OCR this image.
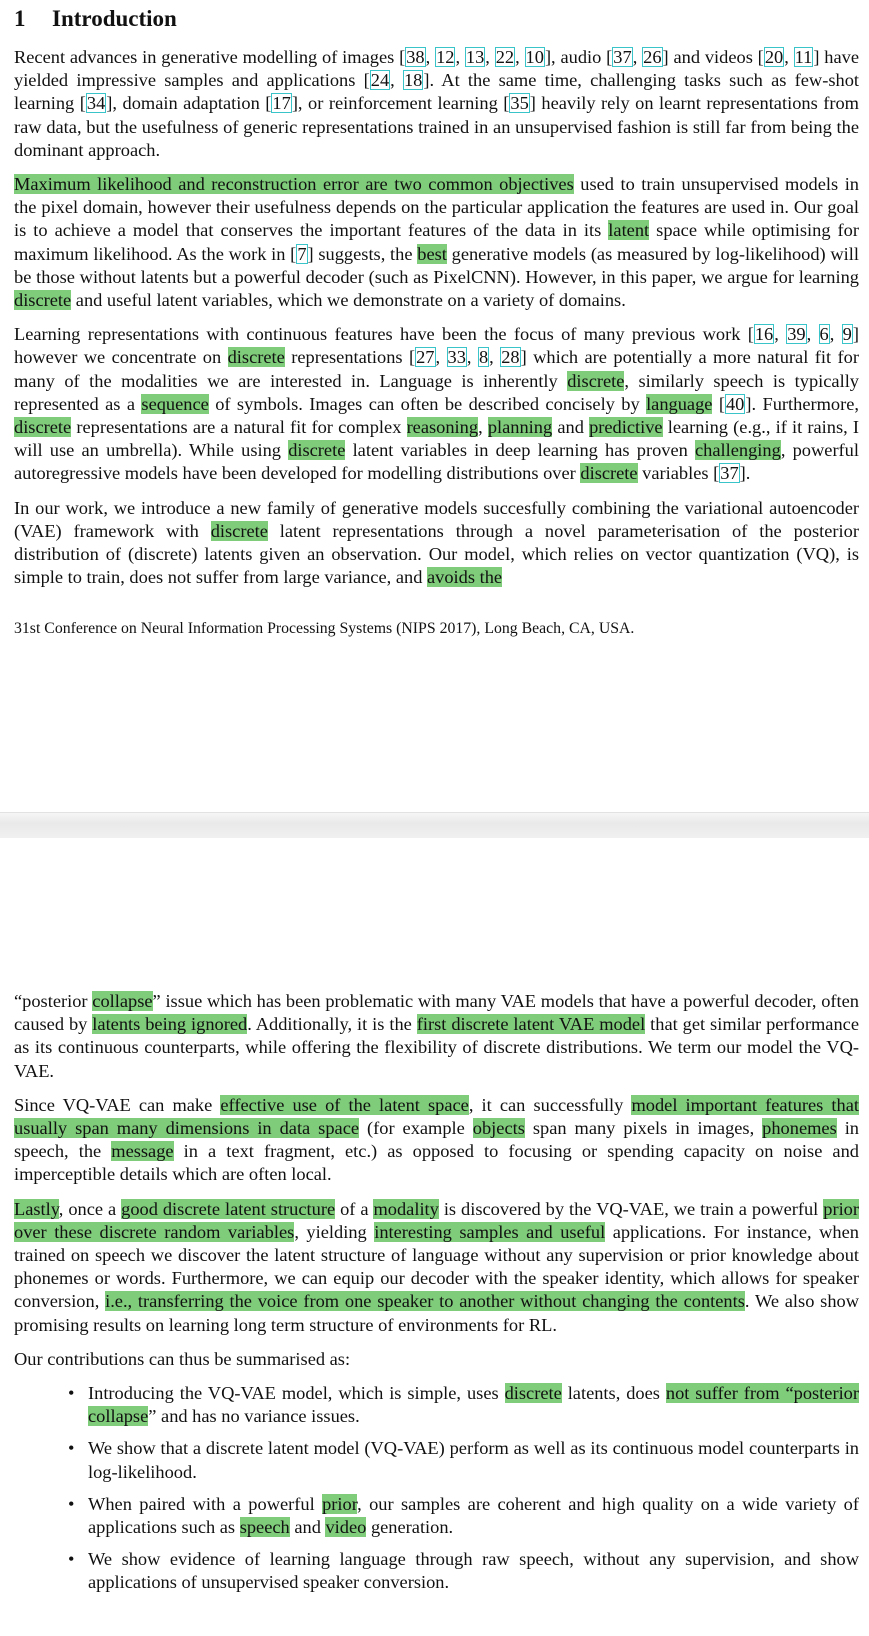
1 Introduction

Recent advances in generative modelling of images [38, 12, 13, 22, 10], audio [37, 26] and videos [20, 11] have yielded impressive samples and applications [24, 18]. At the same time, challenging tasks such as few-shot learning [34], domain adaptation [17], or reinforcement learning [35] heavily rely on learnt representations from raw data, but the usefulness of generic representations trained in an unsupervised fashion is still far from being the dominant approach.

Maximum likelihood and reconstruction error are two common objectives used to train unsupervised models in the pixel domain, however their usefulness depends on the particular application the features are used in. Our goal is to achieve a model that conserves the important features of the data in its latent space while optimising for maximum likelihood. As the work in [7] suggests, the best generative models (as measured by log-likelihood) will be those without latents but a powerful decoder (such as PixelCNN). However, in this paper, we argue for learning discrete and useful latent variables, which we demonstrate on a variety of domains.

Learning representations with continuous features have been the focus of many previous work [16, 39, 6, 9] however we concentrate on discrete representations [27, 33, 8, 28] which are potentially a more natural fit for many of the modalities we are interested in. Language is inherently discrete, similarly speech is typically represented as a sequence of symbols. Images can often be described concisely by language [40]. Furthermore, discrete representations are a natural fit for complex reasoning, planning and predictive learning (e.g., if it rains, I will use an umbrella). While using discrete latent variables in deep learning has proven challenging, powerful autoregressive models have been developed for modelling distributions over discrete variables [37].

In our work, we introduce a new family of generative models succesfully combining the variational autoencoder (VAE) framework with discrete latent representations through a novel parameterisation of the posterior distribution of (discrete) latents given an observation. Our model, which relies on vector quantization (VQ), is simple to train, does not suffer from large variance, and avoids the

31st Conference on Neural Information Processing Systems (NIPS 2017), Long Beach, CA, USA.

“posterior collapse” issue which has been problematic with many VAE models that have a powerful decoder, often caused by latents being ignored. Additionally, it is the first discrete latent VAE model that get similar performance as its continuous counterparts, while offering the flexibility of discrete distributions. We term our model the VQ-VAE.

Since VQ-VAE can make effective use of the latent space, it can successfully model important features that usually span many dimensions in data space (for example objects span many pixels in images, phonemes in speech, the message in a text fragment, etc.) as opposed to focusing or spending capacity on noise and imperceptible details which are often local.

Lastly, once a good discrete latent structure of a modality is discovered by the VQ-VAE, we train a powerful prior over these discrete random variables, yielding interesting samples and useful applications. For instance, when trained on speech we discover the latent structure of language without any supervision or prior knowledge about phonemes or words. Furthermore, we can equip our decoder with the speaker identity, which allows for speaker conversion, i.e., transferring the voice from one speaker to another without changing the contents. We also show promising results on learning long term structure of environments for RL.

Our contributions can thus be summarised as:

• Introducing the VQ-VAE model, which is simple, uses discrete latents, does not suffer from “posterior collapse” and has no variance issues.
• We show that a discrete latent model (VQ-VAE) perform as well as its continuous model counterparts in log-likelihood.
• When paired with a powerful prior, our samples are coherent and high quality on a wide variety of applications such as speech and video generation.
• We show evidence of learning language through raw speech, without any supervision, and show applications of unsupervised speaker conversion.
